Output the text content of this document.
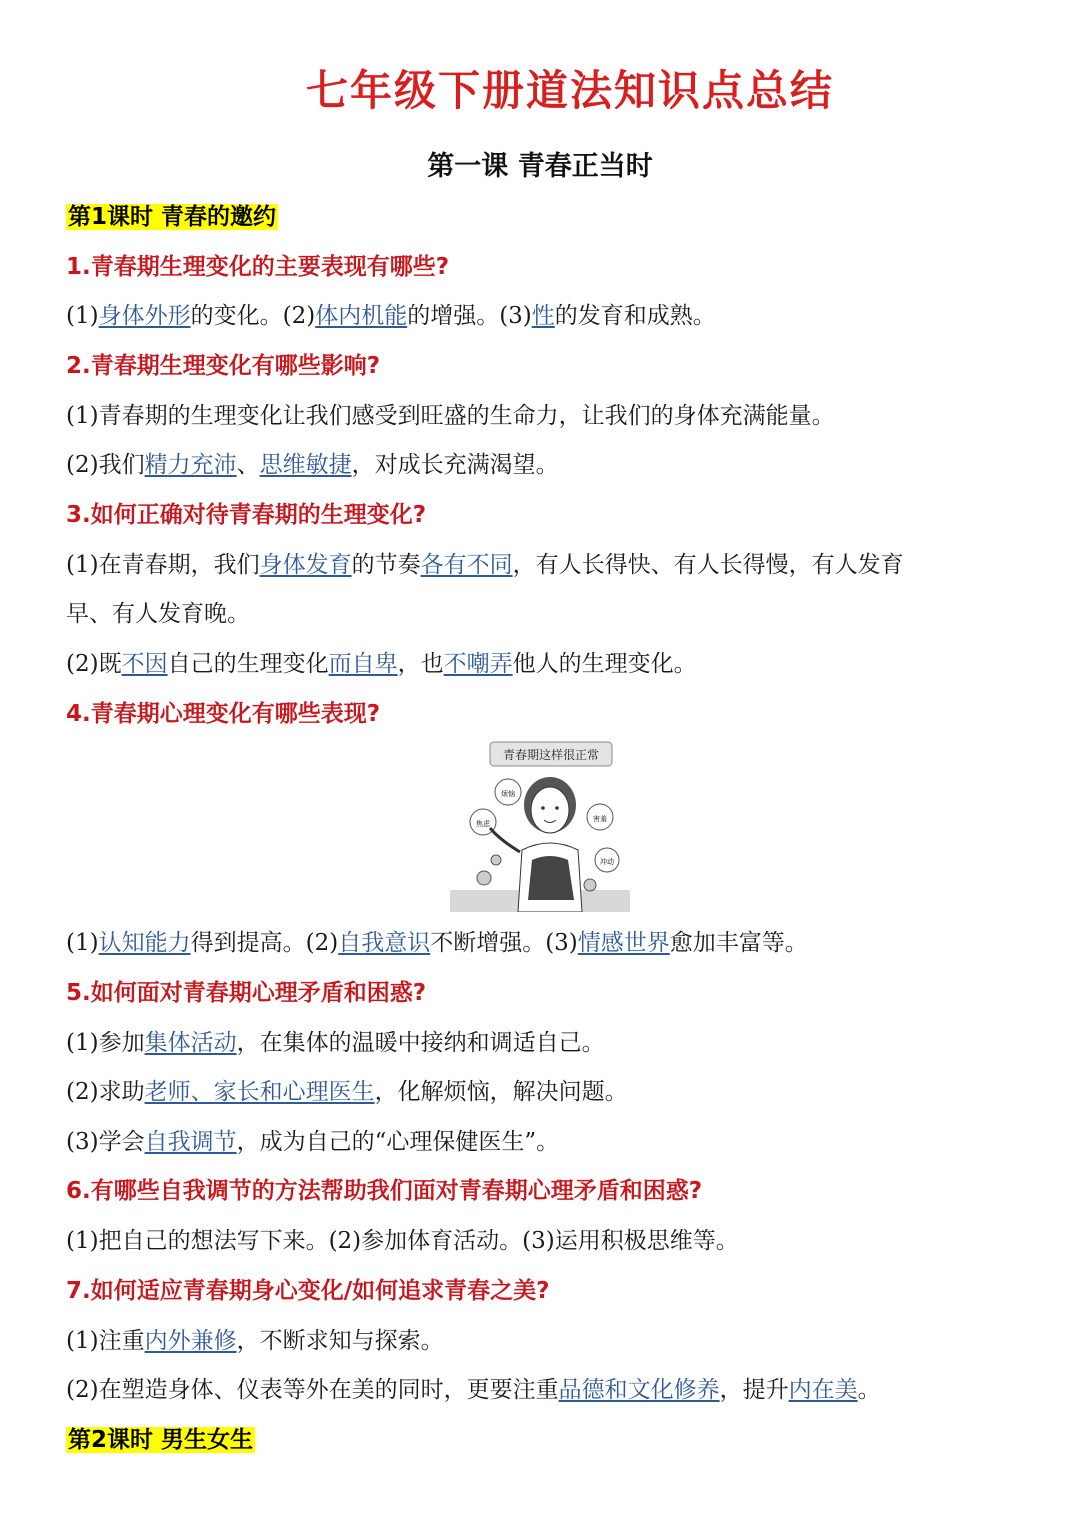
七年级下册道法知识点总结
第一课 青春正当时
第1课时 青春的邀约
1.青春期生理变化的主要表现有哪些?
(1)身体外形的变化。(2)体内机能的增强。(3)性的发育和成熟。
2.青春期生理变化有哪些影响?
(1)青春期的生理变化让我们感受到旺盛的生命力，让我们的身体充满能量。
(2)我们精力充沛、思维敏捷，对成长充满渴望。
3.如何正确对待青春期的生理变化?
(1)在青春期，我们身体发育的节奏各有不同，有人长得快、有人长得慢，有人发育
早、有人发育晚。
(2)既不因自己的生理变化而自卑，也不嘲弄他人的生理变化。
4.青春期心理变化有哪些表现?
青春期这样很正常
烦恼
焦虑
害羞
冲动
(1)认知能力得到提高。(2)自我意识不断增强。(3)情感世界愈加丰富等。
5.如何面对青春期心理矛盾和困惑?
(1)参加集体活动，在集体的温暖中接纳和调适自己。
(2)求助老师、家长和心理医生，化解烦恼，解决问题。
(3)学会自我调节，成为自己的“心理保健医生”。
6.有哪些自我调节的方法帮助我们面对青春期心理矛盾和困惑?
(1)把自己的想法写下来。(2)参加体育活动。(3)运用积极思维等。
7.如何适应青春期身心变化/如何追求青春之美?
(1)注重内外兼修，不断求知与探索。
(2)在塑造身体、仪表等外在美的同时，更要注重品德和文化修养，提升内在美。
第2课时 男生女生
